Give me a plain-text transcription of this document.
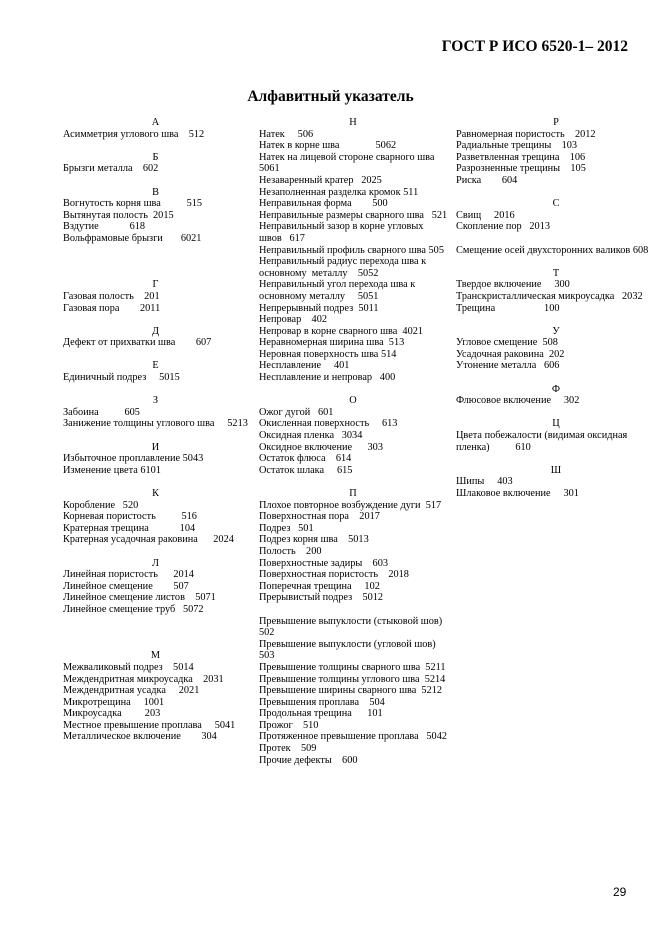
ГОСТ Р ИСО 6520-1– 2012
Алфавитный указатель
А
Асимметрия углового шва    512
Б
Брызги металла    602
В
Вогнутость корня шва          515
Вытянутая полость  2015
Вздутие            618
Вольфрамовые брызги       6021
Г
Газовая полость    201
Газовая пора        2011
Д
Дефект от прихватки шва        607
Е
Единичный подрез     5015
З
Забоина          605
Занижение толщины углового шва     5213
И
Избыточное проплавление 5043
Изменение цвета 6101
К
Коробление   520
Корневая пористость          516
Кратерная трещина            104
Кратерная усадочная раковина      2024
Л
Линейная пористость      2014
Линейное смещение        507
Линейное смещение листов    5071
Линейное смещение труб   5072
М
Межваликовый подрез    5014
Междендритная микроусадка    2031
Междендритная усадка     2021
Микротрещина     1001
Микроусадка         203
Местное превышение проплава     5041
Металлическое включение        304
Н
Натек     506
Натек в корне шва              5062
Натек на лицевой стороне сварного шва
5061
Незаваренный кратер   2025
Незаполненная разделка кромок 511
Неправильная форма        500
Неправильные размеры сварного шва   521
Неправильный зазор в корне угловых
швов   617
Неправильный профиль сварного шва 505
Неправильный радиус перехода шва к
основному  металлу    5052
Неправильный угол перехода шва к
основному металлу     5051
Непрерывный подрез  5011
Непровар    402
Непровар в корне сварного шва  4021
Неравномерная ширина шва  513
Неровная поверхность шва 514
Несплавление     401
Несплавление и непровар   400
О
Ожог дугой   601
Окисленная поверхность     613
Оксидная пленка   3034
Оксидное включение      303
Остаток флюса    614
Остаток шлака     615
П
Плохое повторное возбуждение дуги  517
Поверхностная пора    2017
Подрез   501
Подрез корня шва    5013
Полость    200
Поверхностные задиры    603
Поверхностная пористость    2018
Поперечная трещина     102
Прерывистый подрез    5012
Превышение выпуклости (стыковой шов)
502
Превышение выпуклости (угловой шов)
503
Превышение толщины сварного шва  5211
Превышение толщины углового шва  5214
Превышение ширины сварного шва  5212
Превышения проплава    504
Продольная трещина      101
Прожог    510
Протяженное превышение проплава   5042
Протек    509
Прочие дефекты    600
Р
Равномерная пористость    2012
Радиальные трещины    103
Разветвленная трещина    106
Разрозненные трещины    105
Риска        604
С
Свищ     2016
Скопление пор   2013
Смещение осей двухсторонних валиков 608
Т
Твердое включение     300
Транскристаллическая микроусадка   2032
Трещина                   100
У
Угловое смещение  508
Усадочная раковина  202
Утонение металла   606
Ф
Флюсовое включение     302
Ц
Цвета побежалости (видимая оксидная
пленка)          610
Ш
Шипы     403
Шлаковое включение     301
29
